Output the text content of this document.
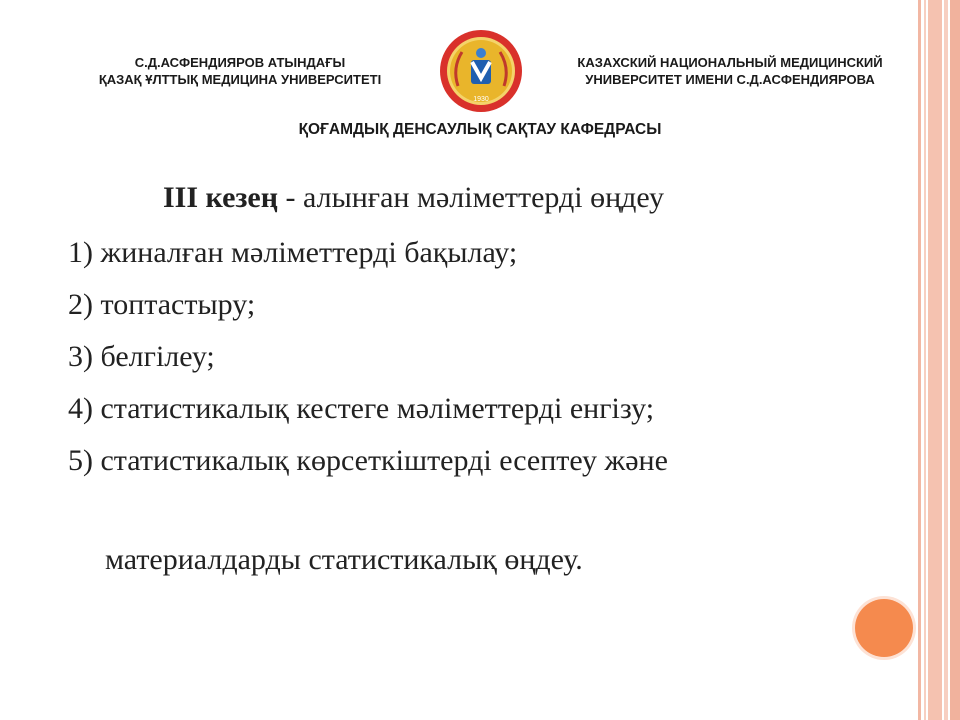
С.Д.АСФЕНДИЯРОВ АТЫНДАҒЫ
ҚАЗАҚ ҰЛТТЫҚ МЕДИЦИНА УНИВЕРСИТЕТІ
1930
КАЗАХСКИЙ НАЦИОНАЛЬНЫЙ МЕДИЦИНСКИЙ
УНИВЕРСИТЕТ ИМЕНИ С.Д.АСФЕНДИЯРОВА
ҚОҒАМДЫҚ ДЕНСАУЛЫҚ САҚТАУ КАФЕДРАСЫ
III кезең - алынған мәліметтерді өңдеу
1) жиналған мәліметтерді бақылау;
2) топтастыру;
3) белгілеу;
4) статистикалық кестеге мәліметтерді енгізу;
5) статистикалық көрсеткіштерді есептеу және
материалдарды статистикалық өңдеу.
